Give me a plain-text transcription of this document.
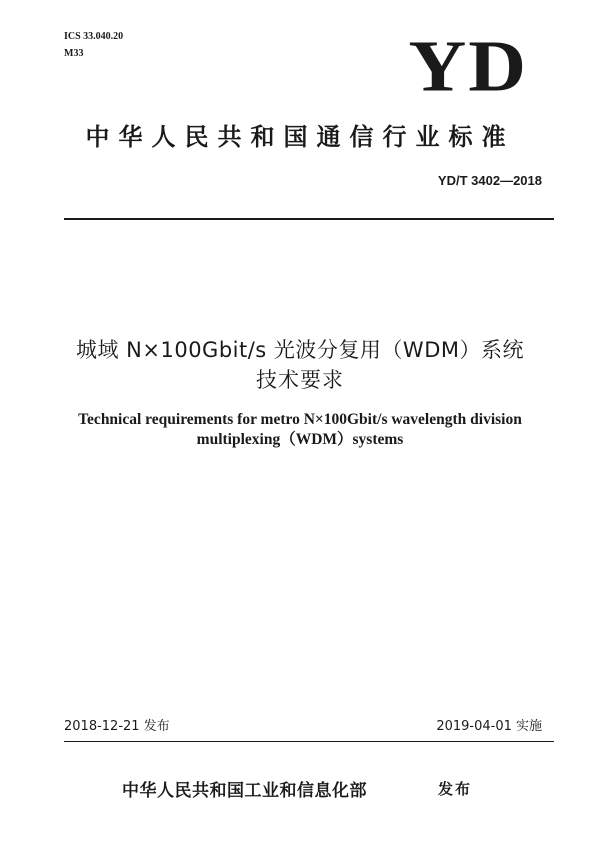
ICS 33.040.20
M33	YD
中华人民共和国通信行业标准
YD/T 3402—2018
城域 N×100Gbit/s 光波分复用（WDM）系统
技术要求
Technical requirements for metro N×100Gbit/s wavelength division
multiplexing（WDM）systems
2018-12-21 发布	2019-04-01 实施
中华人民共和国工业和信息化部	发布
